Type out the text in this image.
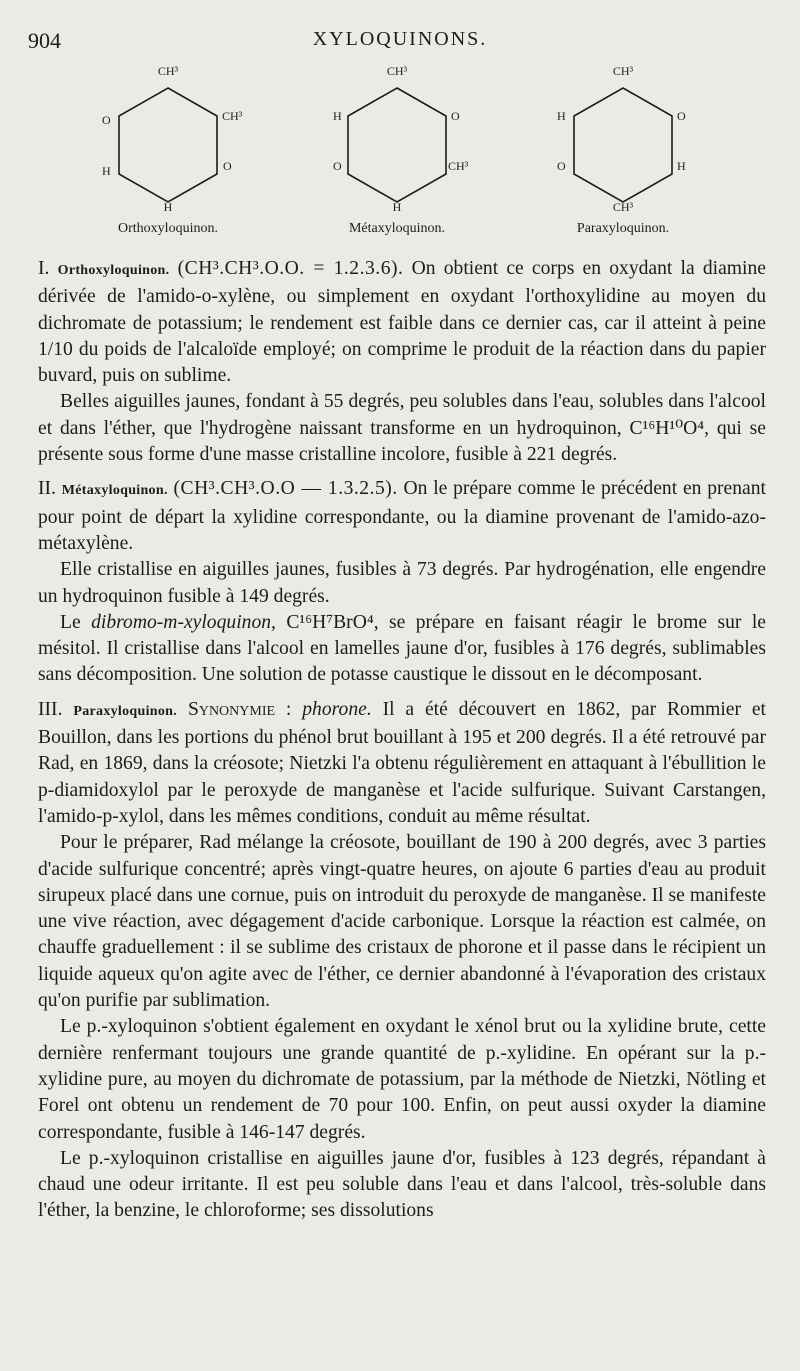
904	XYLOQUINONS.
CH³
CH³
O
H	O
H
Orthoxyloquinon.
CH³
H	O
O	CH³
H
Métaxyloquinon.
CH³
H	O
O	H
CH³
Paraxyloquinon.

I. Orthoxyloquinon. (CH³.CH³.O.O. = 1.2.3.6). On obtient ce corps en oxydant la diamine dérivée de l'amido-o-xylène, ou simplement en oxydant l'orthoxylidine au moyen du dichromate de potassium; le rendement est faible dans ce dernier cas, car il atteint à peine 1/10 du poids de l'alcaloïde employé; on comprime le produit de la réaction dans du papier buvard, puis on sublime.

Belles aiguilles jaunes, fondant à 55 degrés, peu solubles dans l'eau, solubles dans l'alcool et dans l'éther, que l'hydrogène naissant transforme en un hydroquinon, C¹⁶H¹⁰O⁴, qui se présente sous forme d'une masse cristalline incolore, fusible à 221 degrés.

II. Métaxyloquinon. (CH³.CH³.O.O — 1.3.2.5). On le prépare comme le précédent en prenant pour point de départ la xylidine correspondante, ou la diamine provenant de l'amido-azo-métaxylène.

Elle cristallise en aiguilles jaunes, fusibles à 73 degrés. Par hydrogénation, elle engendre un hydroquinon fusible à 149 degrés.

Le dibromo-m-xyloquinon, C¹⁶H⁷BrO⁴, se prépare en faisant réagir le brome sur le mésitol. Il cristallise dans l'alcool en lamelles jaune d'or, fusibles à 176 degrés, sublimables sans décomposition. Une solution de potasse caustique le dissout en le décomposant.

III. Paraxyloquinon. Synonymie : phorone. Il a été découvert en 1862, par Rommier et Bouillon, dans les portions du phénol brut bouillant à 195 et 200 degrés. Il a été retrouvé par Rad, en 1869, dans la créosote; Nietzki l'a obtenu régulièrement en attaquant à l'ébullition le p-diamidoxylol par le peroxyde de manganèse et l'acide sulfurique. Suivant Carstangen, l'amido-p-xylol, dans les mêmes conditions, conduit au même résultat.

Pour le préparer, Rad mélange la créosote, bouillant de 190 à 200 degrés, avec 3 parties d'acide sulfurique concentré; après vingt-quatre heures, on ajoute 6 parties d'eau au produit sirupeux placé dans une cornue, puis on introduit du peroxyde de manganèse. Il se manifeste une vive réaction, avec dégagement d'acide carbonique. Lorsque la réaction est calmée, on chauffe graduellement : il se sublime des cristaux de phorone et il passe dans le récipient un liquide aqueux qu'on agite avec de l'éther, ce dernier abandonné à l'évaporation des cristaux qu'on purifie par sublimation.

Le p.-xyloquinon s'obtient également en oxydant le xénol brut ou la xylidine brute, cette dernière renfermant toujours une grande quantité de p.-xylidine. En opérant sur la p.-xylidine pure, au moyen du dichromate de potassium, par la méthode de Nietzki, Nötling et Forel ont obtenu un rendement de 70 pour 100. Enfin, on peut aussi oxyder la diamine correspondante, fusible à 146-147 degrés.

Le p.-xyloquinon cristallise en aiguilles jaune d'or, fusibles à 123 degrés, répandant à chaud une odeur irritante. Il est peu soluble dans l'eau et dans l'alcool, très-soluble dans l'éther, la benzine, le chloroforme; ses dissolutions
